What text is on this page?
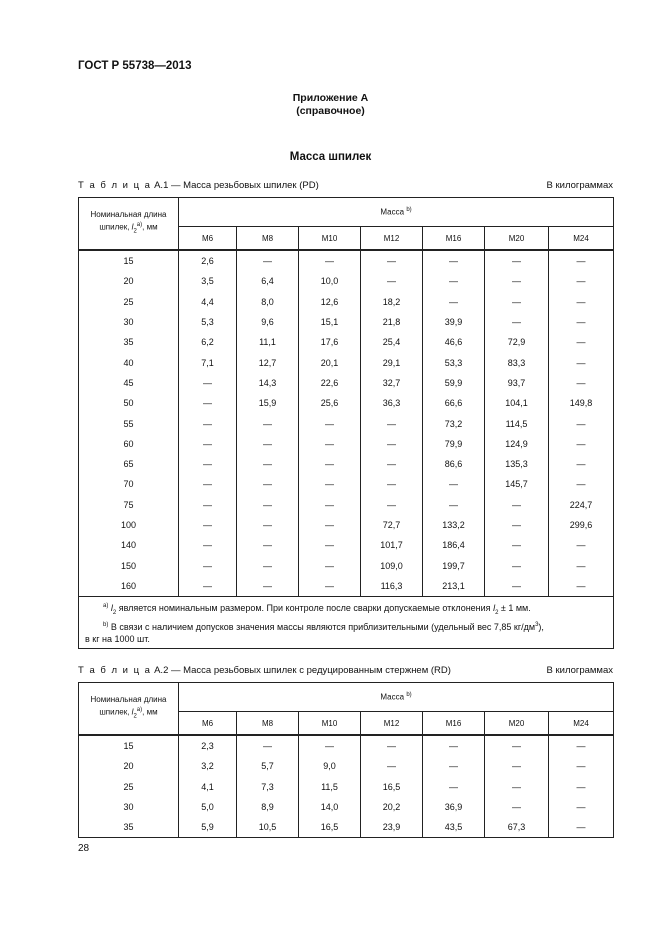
ГОСТ Р 55738—2013
Приложение А
(справочное)
Масса шпилек
Т а б л и ц а А.1 — Масса резьбовых шпилек (PD)	В килограммах
Номинальная длина
шпилек, $l_2^{a)}$, мм	Масса $^{b)}$
	М6	М8	М10	М12	М16	М20	М24
15	2,6	—	—	—	—	—	—
20	3,5	6,4	10,0	—	—	—	—
25	4,4	8,0	12,6	18,2	—	—	—
30	5,3	9,6	15,1	21,8	39,9	—	—
35	6,2	11,1	17,6	25,4	46,6	72,9	—
40	7,1	12,7	20,1	29,1	53,3	83,3	—
45	—	14,3	22,6	32,7	59,9	93,7	—
50	—	15,9	25,6	36,3	66,6	104,1	149,8
55	—	—	—	—	73,2	114,5	—
60	—	—	—	—	79,9	124,9	—
65	—	—	—	—	86,6	135,3	—
70	—	—	—	—	—	145,7	—
75	—	—	—	—	—	—	224,7
100	—	—	—	72,7	133,2	—	299,6
140	—	—	—	101,7	186,4	—	—
150	—	—	—	109,0	199,7	—	—
160	—	—	—	116,3	213,1	—	—

$^{a)}$ $l_2$ является номинальным размером. При контроле после сварки допускаемые отклонения $l_2 \pm 1$ мм.
$^{b)}$ В связи с наличием допусков значения массы являются приблизительными (удельный вес 7,85 $кг/дм^3$),
в кг на 1000 шт.							
Т а б л и ц а А.2 — Масса резьбовых шпилек с редуцированным стержнем (RD)	В килограммах
Номинальная длина
шпилек, $l_2^{a)}$, мм	Масса $^{b)}$
	М6	М8	М10	М12	М16	М20	М24
15	2,3	—	—	—	—	—	—
20	3,2	5,7	9,0	—	—	—	—
25	4,1	7,3	11,5	16,5	—	—	—
30	5,0	8,9	14,0	20,2	36,9	—	—
35	5,9	10,5	16,5	23,9	43,5	67,3	—
28
